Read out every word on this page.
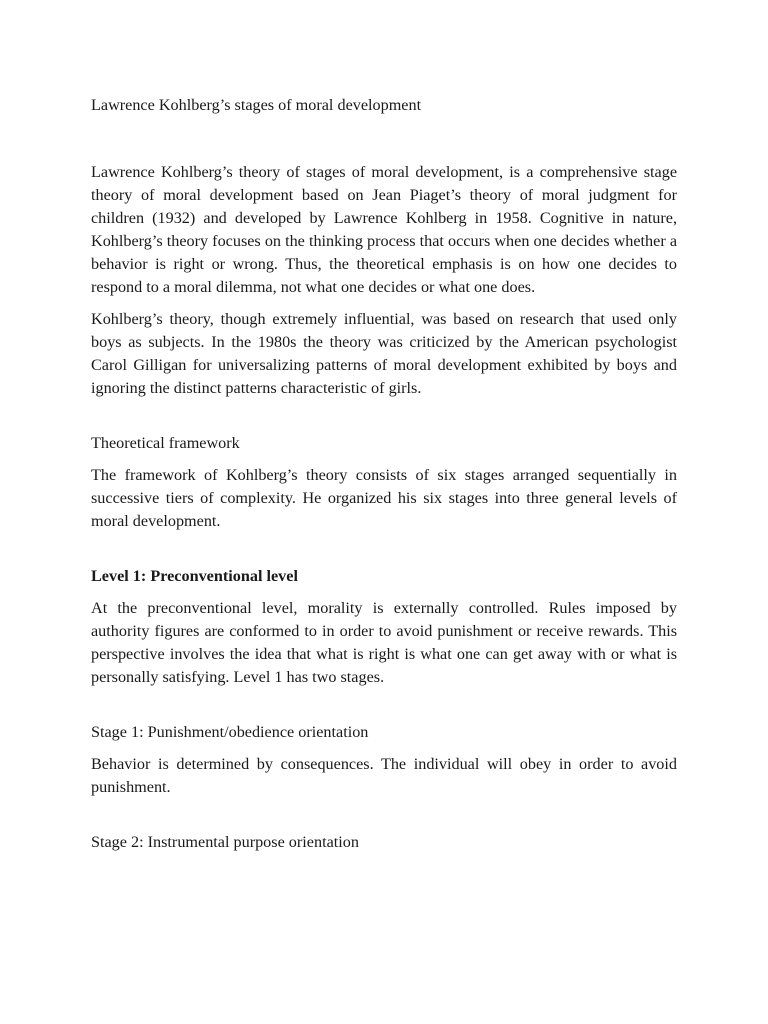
Lawrence Kohlberg’s stages of moral development

Lawrence Kohlberg’s theory of stages of moral development, is a comprehensive stage theory of moral development based on Jean Piaget’s theory of moral judgment for children (1932) and developed by Lawrence Kohlberg in 1958. Cognitive in nature, Kohlberg’s theory focuses on the thinking process that occurs when one decides whether a behavior is right or wrong. Thus, the theoretical emphasis is on how one decides to respond to a moral dilemma, not what one decides or what one does.

Kohlberg’s theory, though extremely influential, was based on research that used only boys as subjects. In the 1980s the theory was criticized by the American psychologist Carol Gilligan for universalizing patterns of moral development exhibited by boys and ignoring the distinct patterns characteristic of girls.

Theoretical framework

The framework of Kohlberg’s theory consists of six stages arranged sequentially in successive tiers of complexity. He organized his six stages into three general levels of moral development.

Level 1: Preconventional level

At the preconventional level, morality is externally controlled. Rules imposed by authority figures are conformed to in order to avoid punishment or receive rewards. This perspective involves the idea that what is right is what one can get away with or what is personally satisfying. Level 1 has two stages.

Stage 1: Punishment/obedience orientation

Behavior is determined by consequences. The individual will obey in order to avoid punishment.

Stage 2: Instrumental purpose orientation
